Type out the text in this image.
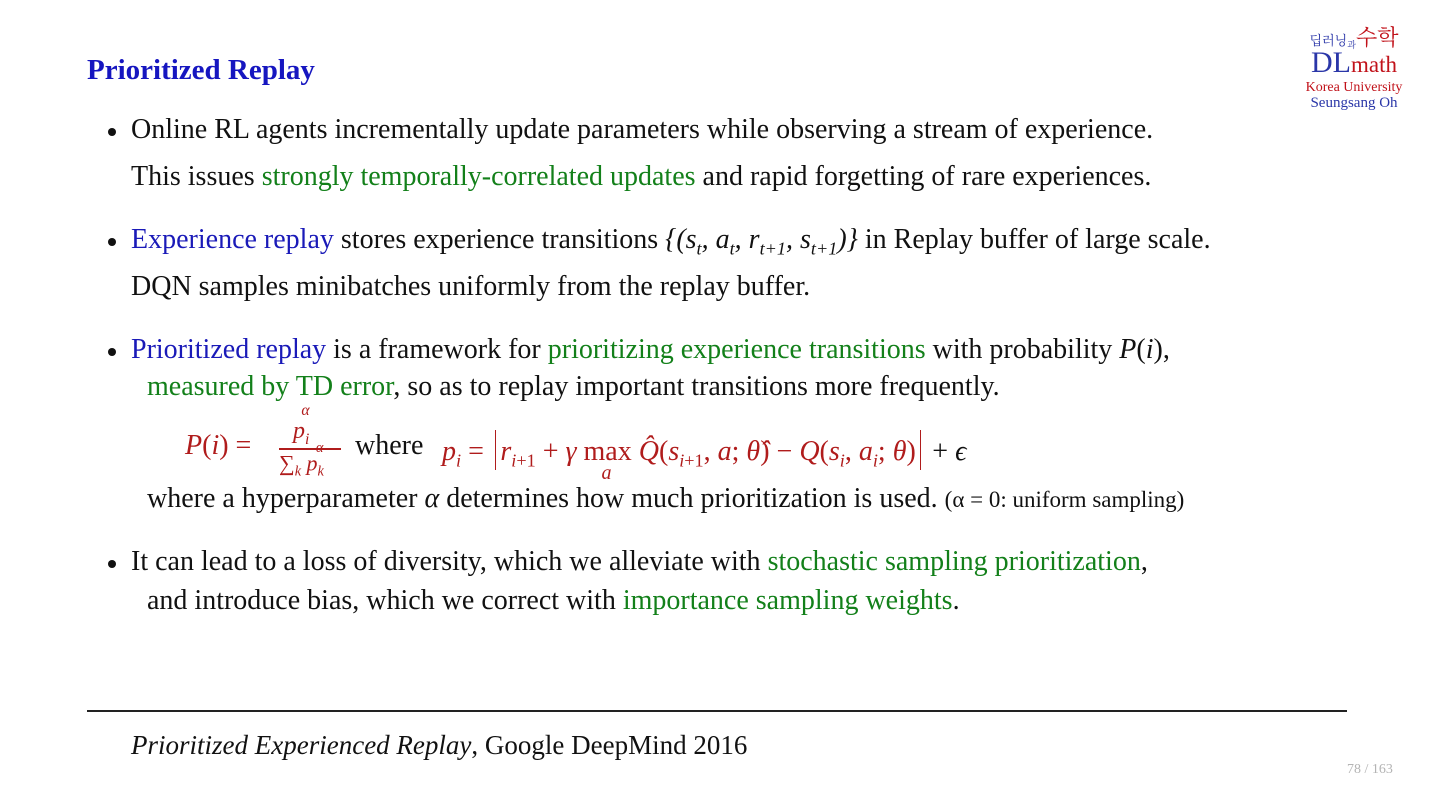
Prioritized Replay
딥러닝과수학
DLmath
Korea University
Seungsang Oh
Online RL agents incrementally update parameters while observing a stream of experience.
This issues strongly temporally-correlated updates and rapid forgetting of rare experiences.
Experience replay stores experience transitions {($s_t$, $a_t$, $r_{t+1}$, $s_{t+1}$)} in Replay buffer of large scale.
DQN samples minibatches uniformly from the replay buffer.
Prioritized replay is a framework for prioritizing experience transitions with probability P(i),
measured by TD error, so as to replay important transitions more frequently.
$P(i) = p_i^\alpha$
$\sum_k$ $p_k^\alpha$ where $p_i = r_{i+1} + \gamma$ max
a
$Q̂(s_{i+1}$, a; θ̂) − $Q(s_i$, $a_i$; θ) + ϵ
where a hyperparameter α determines how much prioritization is used. (α = 0: uniform sampling)
It can lead to a loss of diversity, which we alleviate with stochastic sampling prioritization,
and introduce bias, which we correct with importance sampling weights.
Prioritized Experienced Replay, Google DeepMind 2016
78 / 163
